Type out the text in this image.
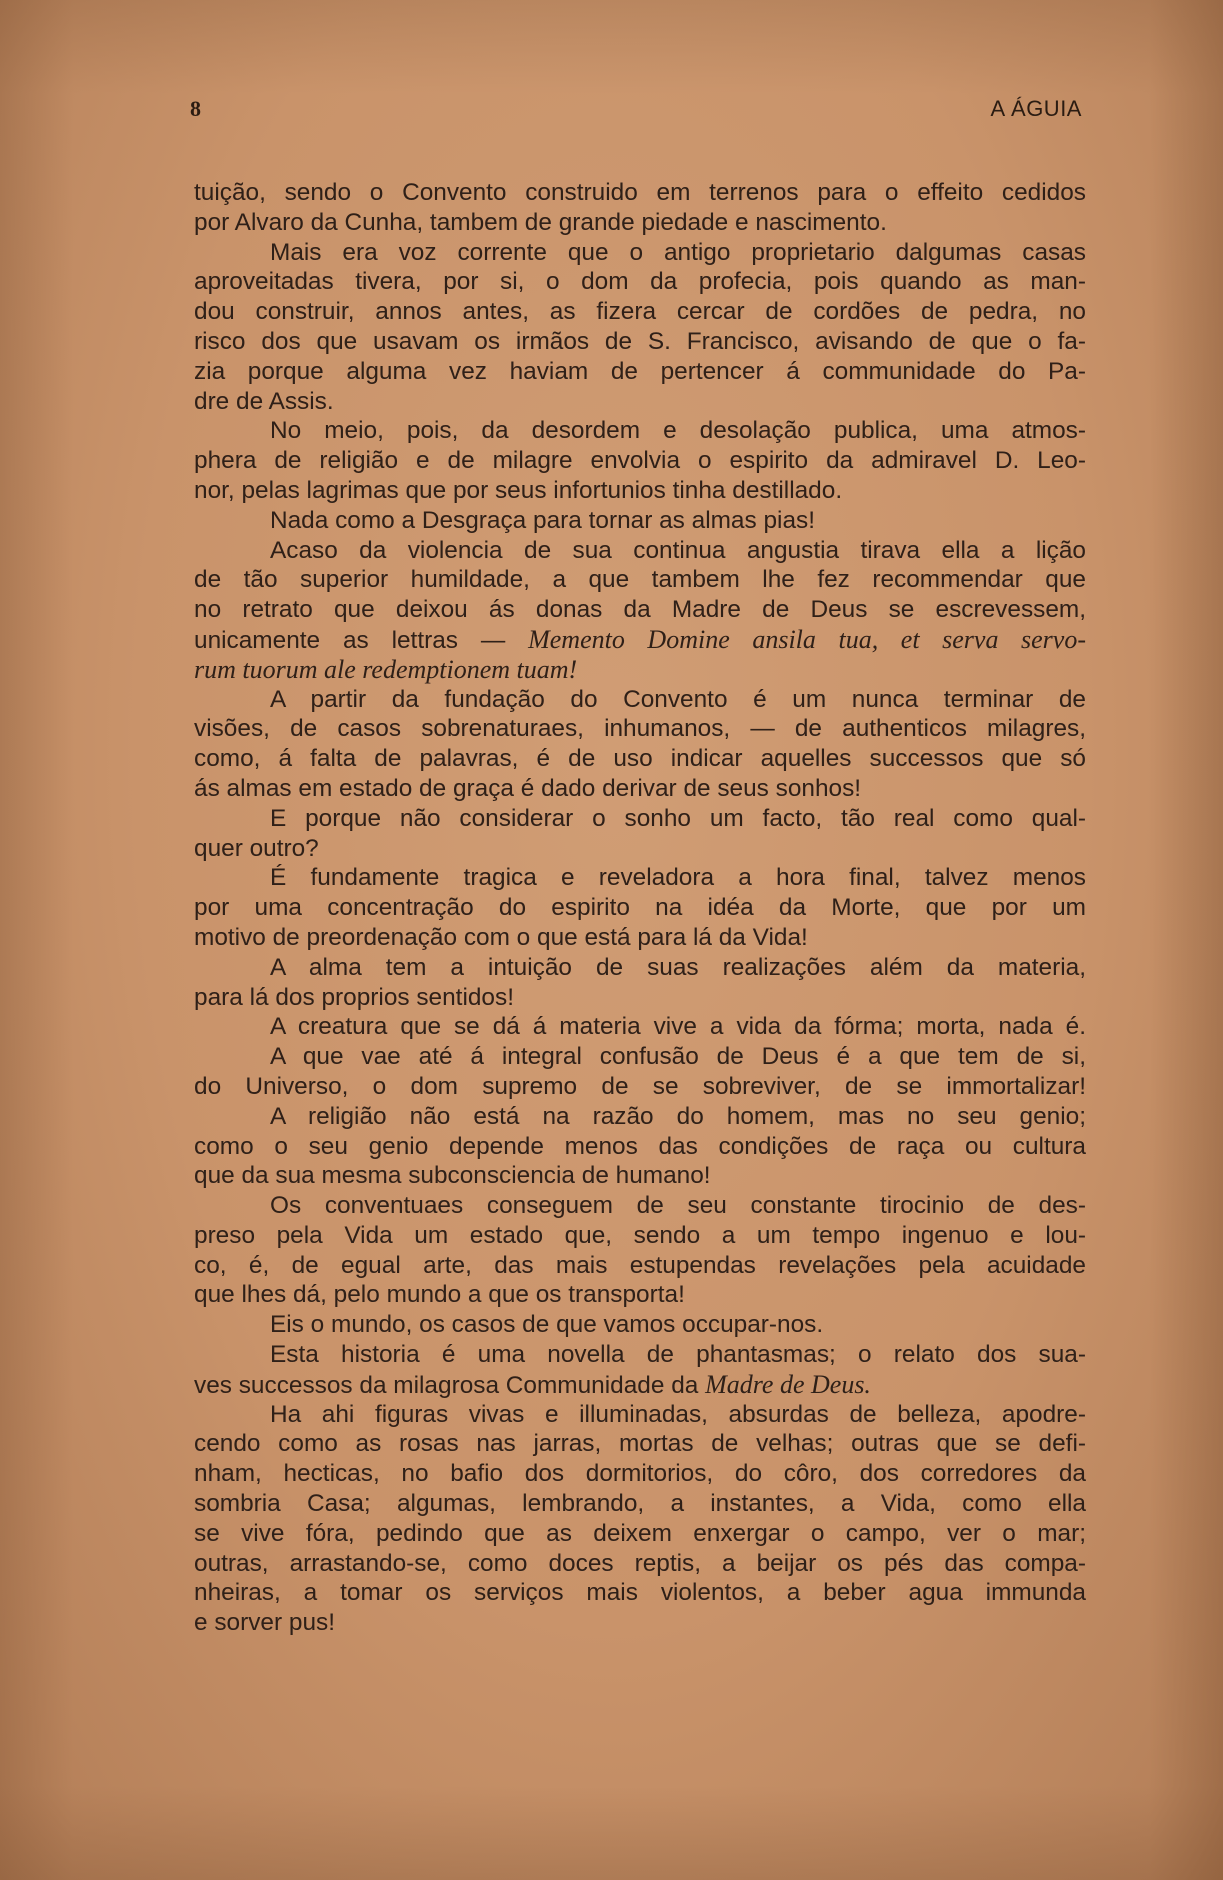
8	A ÁGUIA
tuição, sendo o Convento construido em terrenos para o effeito cedidos
por Alvaro da Cunha, tambem de grande piedade e nascimento.
Mais era voz corrente que o antigo proprietario dalgumas casas
aproveitadas tivera, por si, o dom da profecia, pois quando as man-
dou construir, annos antes, as fizera cercar de cordões de pedra, no
risco dos que usavam os irmãos de S. Francisco, avisando de que o fa-
zia porque alguma vez haviam de pertencer á communidade do Pa-
dre de Assis.
No meio, pois, da desordem e desolação publica, uma atmos-
phera de religião e de milagre envolvia o espirito da admiravel D. Leo-
nor, pelas lagrimas que por seus infortunios tinha destillado.
Nada como a Desgraça para tornar as almas pias!
Acaso da violencia de sua continua angustia tirava ella a lição
de tão superior humildade, a que tambem lhe fez recommendar que
no retrato que deixou ás donas da Madre de Deus se escrevessem,
unicamente as lettras — Memento Domine ansila tua, et serva servo-
rum tuorum ale redemptionem tuam!
A partir da fundação do Convento é um nunca terminar de
visões, de casos sobrenaturaes, inhumanos, — de authenticos milagres,
como, á falta de palavras, é de uso indicar aquelles successos que só
ás almas em estado de graça é dado derivar de seus sonhos!
E porque não considerar o sonho um facto, tão real como qual-
quer outro?
É fundamente tragica e reveladora a hora final, talvez menos
por uma concentração do espirito na idéa da Morte, que por um
motivo de preordenação com o que está para lá da Vida!
A alma tem a intuição de suas realizações além da materia,
para lá dos proprios sentidos!
A creatura que se dá á materia vive a vida da fórma; morta, nada é.
A que vae até á integral confusão de Deus é a que tem de si,
do Universo, o dom supremo de se sobreviver, de se immortalizar!
A religião não está na razão do homem, mas no seu genio;
como o seu genio depende menos das condições de raça ou cultura
que da sua mesma subconsciencia de humano!
Os conventuaes conseguem de seu constante tirocinio de des-
preso pela Vida um estado que, sendo a um tempo ingenuo e lou-
co, é, de egual arte, das mais estupendas revelações pela acuidade
que lhes dá, pelo mundo a que os transporta!
Eis o mundo, os casos de que vamos occupar-nos.
Esta historia é uma novella de phantasmas; o relato dos sua-
ves successos da milagrosa Communidade da Madre de Deus.
Ha ahi figuras vivas e illuminadas, absurdas de belleza, apodre-
cendo como as rosas nas jarras, mortas de velhas; outras que se defi-
nham, hecticas, no bafio dos dormitorios, do côro, dos corredores da
sombria Casa; algumas, lembrando, a instantes, a Vida, como ella
se vive fóra, pedindo que as deixem enxergar o campo, ver o mar;
outras, arrastando-se, como doces reptis, a beijar os pés das compa-
nheiras, a tomar os serviços mais violentos, a beber agua immunda
e sorver pus!
